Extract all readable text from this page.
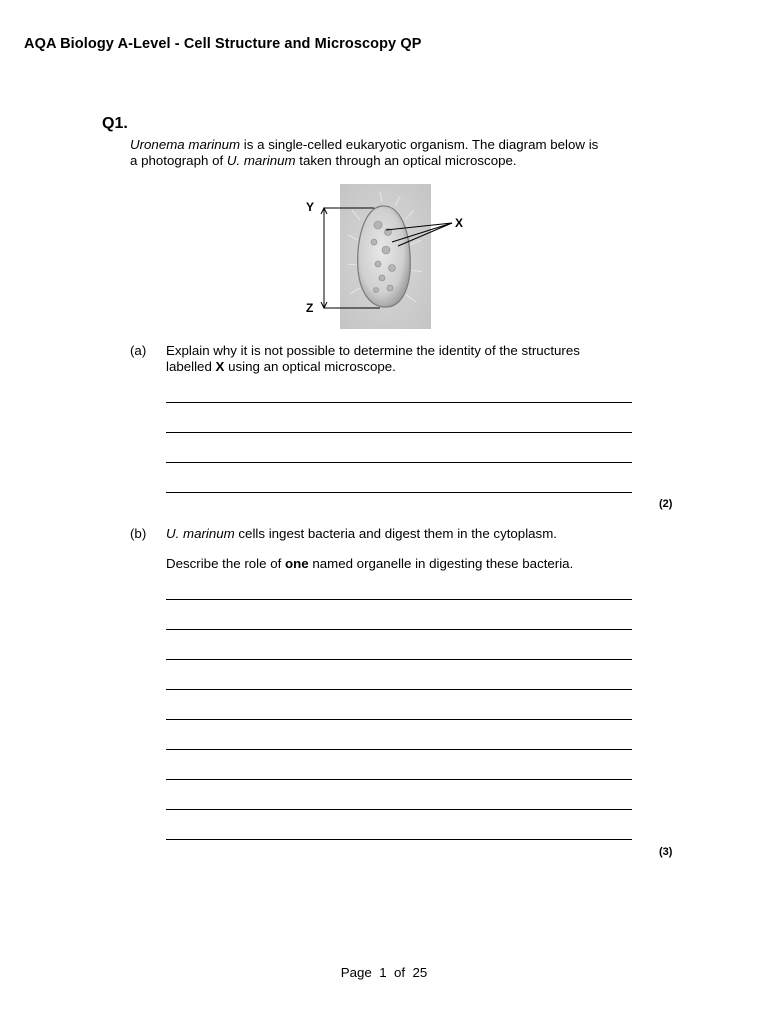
AQA Biology A-Level - Cell Structure and Microscopy QP
Q1.

Uronema marinum is a single-celled eukaryotic organism. The diagram below is

a photograph of U. marinum taken through an optical microscope.

Y
Z
X
(a) Explain why it is not possible to determine the identity of the structures

labelled X using an optical microscope.

(2)
(b) U. marinum cells ingest bacteria and digest them in the cytoplasm.
Describe the role of one named organelle in digesting these bacteria.
(3)
Page 1 of 25
